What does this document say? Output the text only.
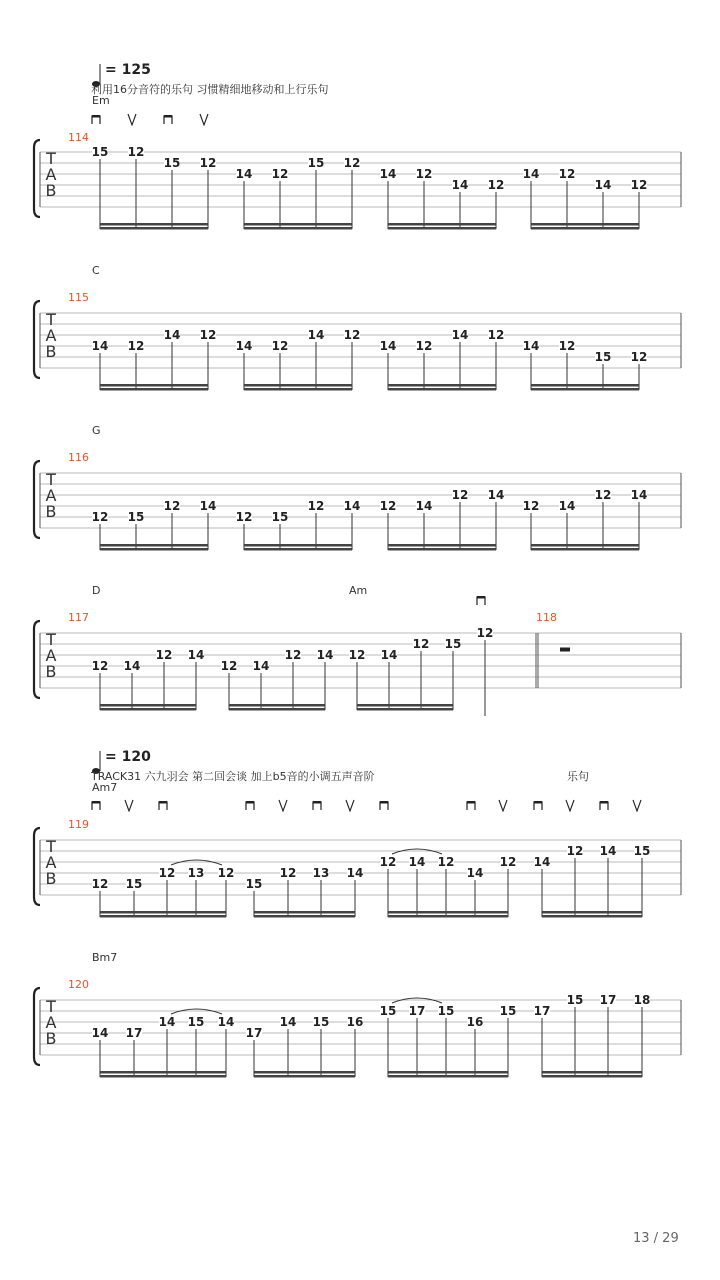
= 125
= 120
利用16分音符的乐句 习惯精细地移动和上行乐句
Em
114
T
A
B
15 12
15 12
14 12
15 12
14 12
14 12
14 12
14 12
C
115
T
A
B	14 12
14 12
14 12
14 12
14 12
14 12
14 12
15 12
G
116
T
A
B	12 15
12 14
12 15
12 14 12 14
12 14
12 14
12 14
D	Am
117	118
T
A
B	12 14
12 14
12 14
12 14 12 14
12 15
12
TRACK31 六九羽会 第二回会谈 加上b5音的小调五声音阶	乐句
Am7
119
T
A
B	12 15
12 13 12
15
12 13 14
12 14 12
14
12 14
12 14 15
Bm7
120
T
A
B	14 17
14 15 14
17
14 15 16
15 17 15
16
15 17
15 17 18
13 / 29
